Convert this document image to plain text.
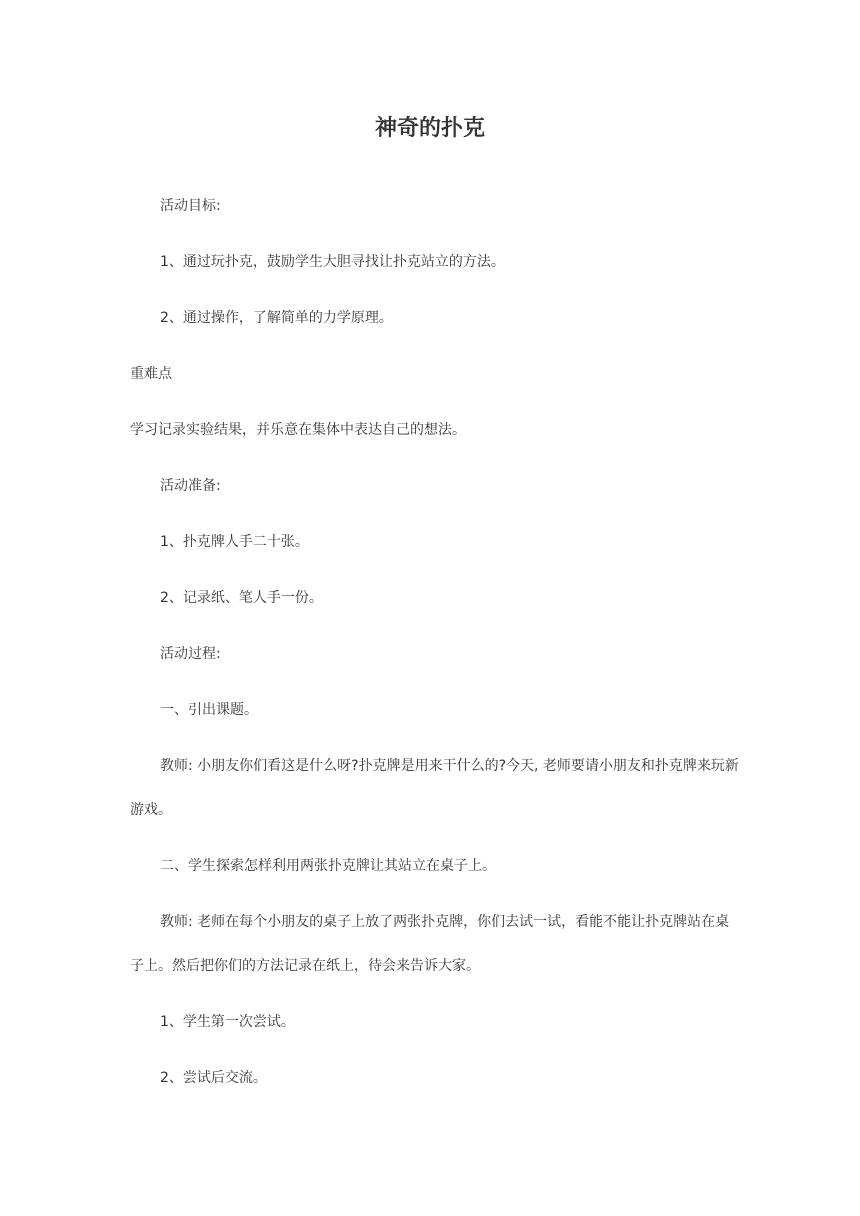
神奇的扑克

活动目标:

1、通过玩扑克，鼓励学生大胆寻找让扑克站立的方法。

2、通过操作，了解简单的力学原理。

重难点

学习记录实验结果，并乐意在集体中表达自己的想法。

活动准备:

1、扑克牌人手二十张。

2、记录纸、笔人手一份。

活动过程:

一、引出课题。

教师: 小朋友你们看这是什么呀?扑克牌是用来干什么的?今天, 老师要请小朋友和扑克牌来玩新游戏。

二、学生探索怎样利用两张扑克牌让其站立在桌子上。

教师: 老师在每个小朋友的桌子上放了两张扑克牌，你们去试一试，看能不能让扑克牌站在桌子上。然后把你们的方法记录在纸上，待会来告诉大家。

1、学生第一次尝试。

2、尝试后交流。
